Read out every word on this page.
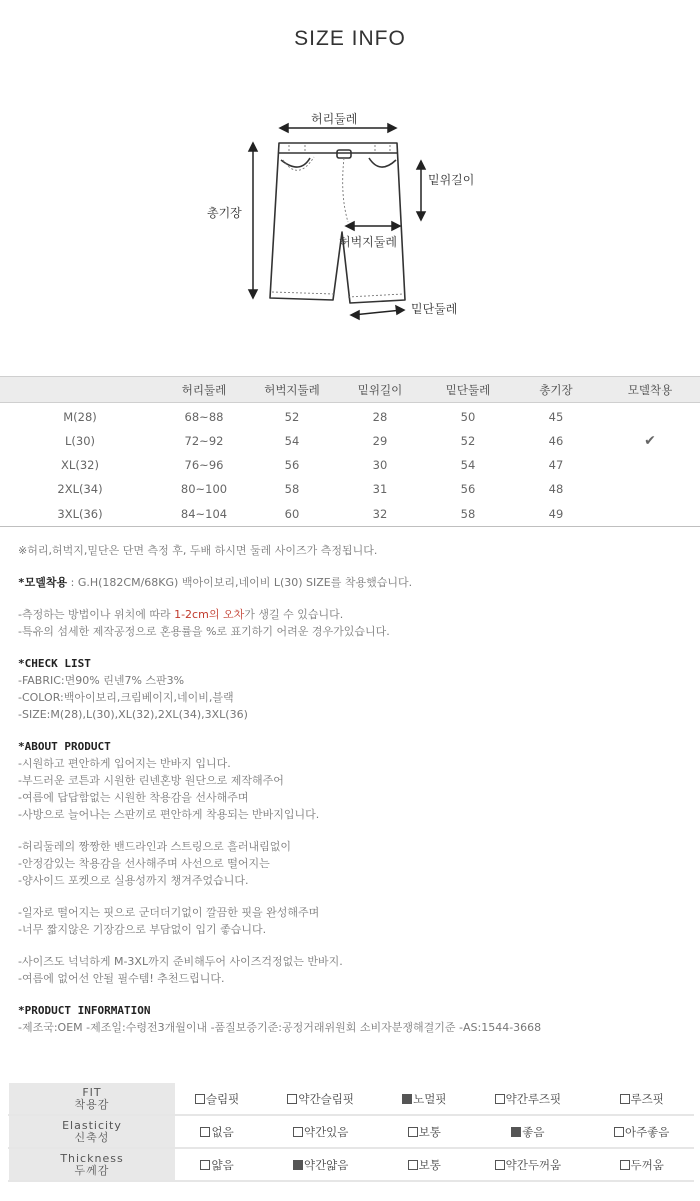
SIZE INFO
허리둘레
밑위길이
총기장
허벅지둘레
밑단둘레
	허리둘레	허벅지둘레	밑위길이	밑단둘레	총기장	모델착용
M(28)	68~88	52	28	50	45	
L(30)	72~92	54	29	52	46	✔
XL(32)	76~96	56	30	54	47	
2XL(34)	80~100	58	31	56	48	
3XL(36)	84~104	60	32	58	49	

※허리,허벅지,밑단은 단면 측정 후, 두배 하시면 둘레 사이즈가 측정됩니다.

*모델착용 : G.H(182CM/68KG) 백아이보리,네이비 L(30) SIZE를 착용했습니다.

-측정하는 방법이나 위치에 따라 1-2cm의 오차가 생길 수 있습니다.

-특유의 섬세한 제작공정으로 혼용률을 %로 표기하기 어려운 경우가있습니다.

*CHECK LIST

-FABRIC:면90% 린넨7% 스판3%

-COLOR:백아이보리,크림베이지,네이비,블랙

-SIZE:M(28),L(30),XL(32),2XL(34),3XL(36)

*ABOUT PRODUCT

-시원하고 편안하게 입어지는 반바지 입니다.

-부드러운 코튼과 시원한 린넨혼방 원단으로 제작해주어

-여름에 답답함없는 시원한 착용감을 선사해주며

-사방으로 늘어나는 스판끼로 편안하게 착용되는 반바지입니다.

-허리둘레의 짱짱한 밴드라인과 스트링으로 흘러내림없이

-안정감있는 착용감을 선사해주며 사선으로 떨어지는

-양사이드 포켓으로 실용성까지 챙겨주었습니다.

-일자로 떨어지는 핏으로 군더더기없이 깔끔한 핏을 완성해주며

-너무 짧지않은 기장감으로 부담없이 입기 좋습니다.

-사이즈도 넉넉하게 M-3XL까지 준비해두어 사이즈걱정없는 반바지.

-여름에 없어선 안될 필수템! 추천드립니다.

*PRODUCT INFORMATION

-제조국:OEM -제조일:수령전3개월이내 -품질보증기준:공정거래위원회 소비자분쟁해결기준 -AS:1544-3668

FIT
착용감	슬림핏	약간슬림핏	노멀핏	약간루즈핏	루즈핏

Elasticity
신축성	없음	약간있음	보통	좋음	아주좋음

Thickness
두께감	얇음	약간얇음	보통	약간두꺼움	두꺼움
